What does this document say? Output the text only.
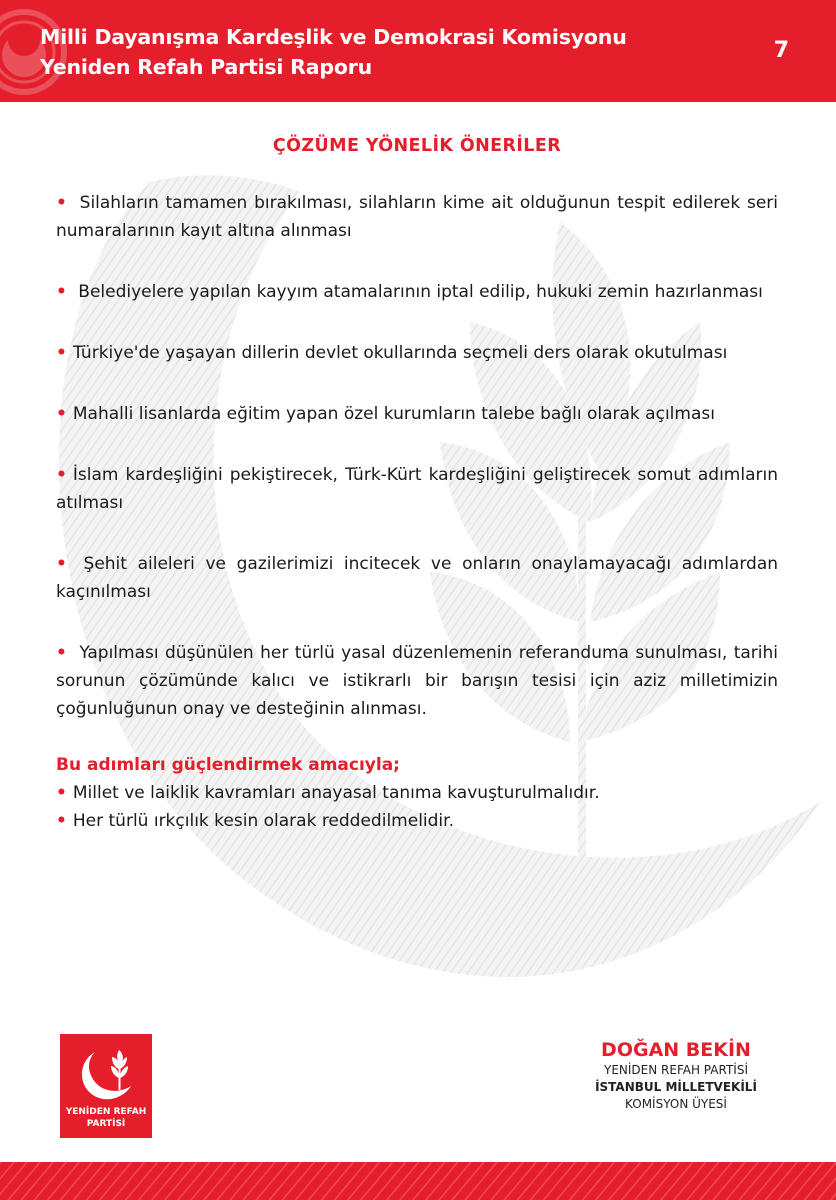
Milli Dayanışma Kardeşlik ve Demokrasi Komisyonu
Yeniden Refah Partisi Raporu
7
ÇÖZÜME YÖNELİK ÖNERİLER
• Silahların tamamen bırakılması, silahların kime ait olduğunun tespit edilerek seri numaralarının kayıt altına alınması
• Belediyelere yapılan kayyım atamalarının iptal edilip, hukuki zemin hazırlanması
• Türkiye'de yaşayan dillerin devlet okullarında seçmeli ders olarak okutulması
• Mahalli lisanlarda eğitim yapan özel kurumların talebe bağlı olarak açılması
• İslam kardeşliğini pekiştirecek, Türk-Kürt kardeşliğini geliştirecek somut adımların atılması
• Şehit aileleri ve gazilerimizi incitecek ve onların onaylamayacağı adımlardan kaçınılması
• Yapılması düşünülen her türlü yasal düzenlemenin referanduma sunulması, tarihi sorunun çözümünde kalıcı ve istikrarlı bir barışın tesisi için aziz milletimizin çoğunluğunun onay ve desteğinin alınması.
Bu adımları güçlendirmek amacıyla;
• Millet ve laiklik kavramları anayasal tanıma kavuşturulmalıdır.
• Her türlü ırkçılık kesin olarak reddedilmelidir.
YENİDEN REFAH
PARTİSİ
DOĞAN BEKİN
YENİDEN REFAH PARTİSİ
İSTANBUL MİLLETVEKİLİ
KOMİSYON ÜYESİ
